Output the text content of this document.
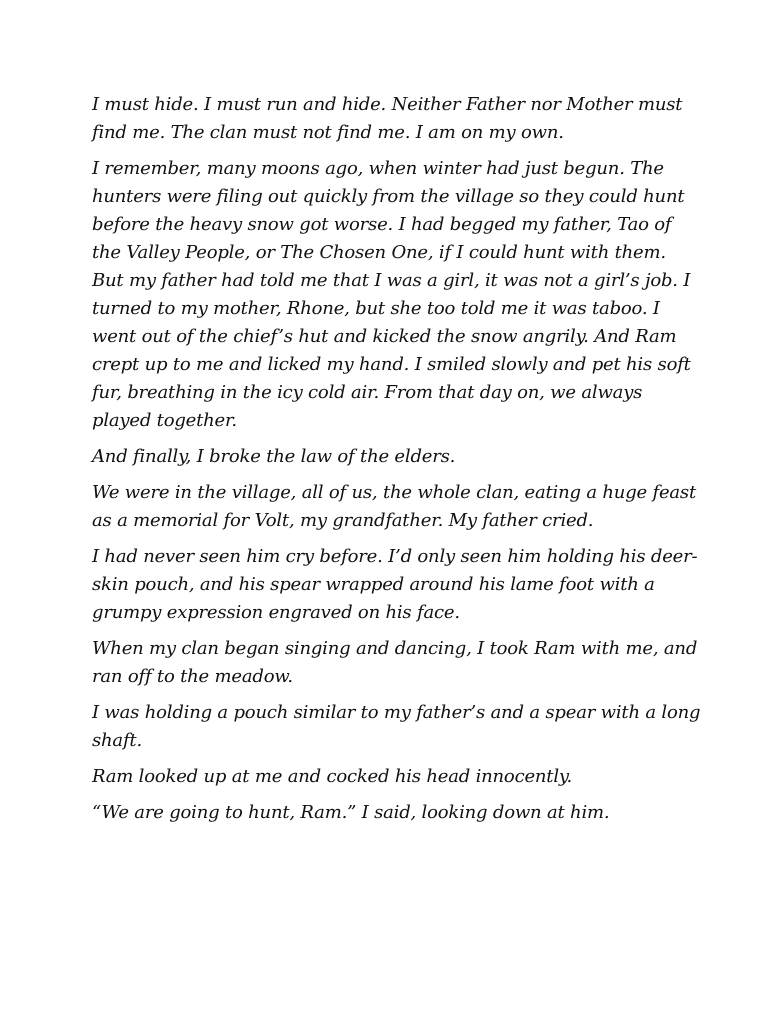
I must hide. I must run and hide. Neither Father nor Mother must find me. The clan must not find me. I am on my own.

I remember, many moons ago, when winter had just begun. The hunters were filing out quickly from the village so they could hunt before the heavy snow got worse. I had begged my father, Tao of the Valley People, or The Chosen One, if I could hunt with them. But my father had told me that I was a girl, it was not a girl’s job. I turned to my mother, Rhone, but she too told me it was taboo. I went out of the chief’s hut and kicked the snow angrily. And Ram crept up to me and licked my hand. I smiled slowly and pet his soft fur, breathing in the icy cold air. From that day on, we always played together.

And finally, I broke the law of the elders.

We were in the village, all of us, the whole clan, eating a huge feast as a memorial for Volt, my grandfather. My father cried.

I had never seen him cry before. I’d only seen him holding his deer-skin pouch, and his spear wrapped around his lame foot with a grumpy expression engraved on his face.

When my clan began singing and dancing, I took Ram with me, and ran off to the meadow.

I was holding a pouch similar to my father’s and a spear with a long shaft.

Ram looked up at me and cocked his head innocently.

“We are going to hunt, Ram.” I said, looking down at him.
